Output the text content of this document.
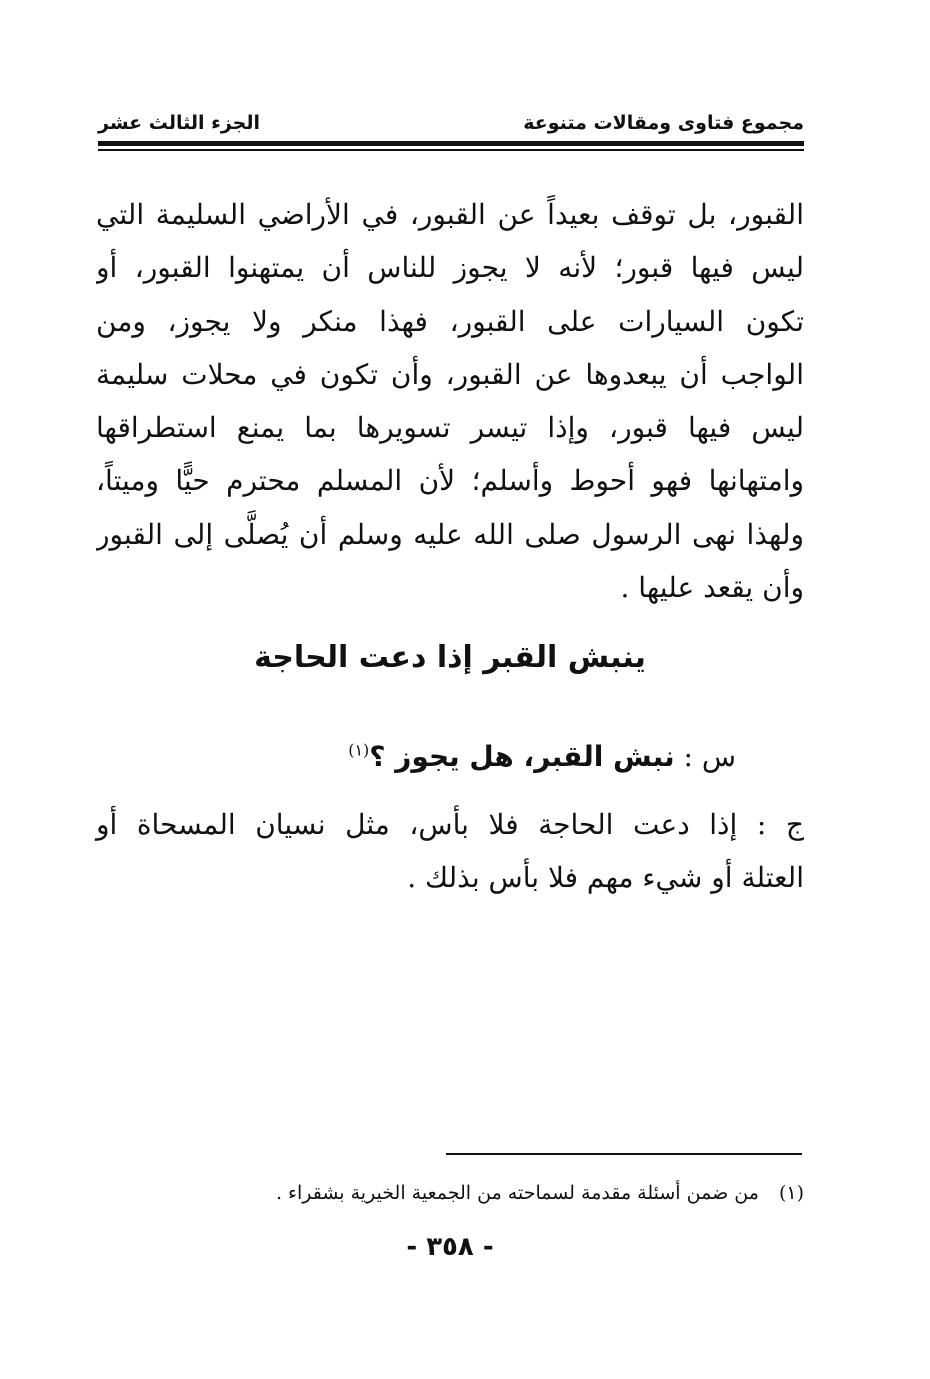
مجموع فتاوى ومقالات متنوعة
الجزء الثالث عشر
القبور، بل توقف بعيداً عن القبور، في الأراضي السليمة التي
ليس فيها قبور؛ لأنه لا يجوز للناس أن يمتهنوا القبور، أو
تكون السيارات على القبور، فهذا منكر ولا يجوز، ومن
الواجب أن يبعدوها عن القبور، وأن تكون في محلات سليمة
ليس فيها قبور، وإذا تيسر تسويرها بما يمنع استطراقها
وامتهانها فهو أحوط وأسلم؛ لأن المسلم محترم حيًّا وميتاً،
ولهذا نهى الرسول صلى الله عليه وسلم أن يُصلَّى إلى القبور
وأن يقعد عليها .
ينبش القبر إذا دعت الحاجة
س : نبش القبر، هل يجوز ؟$^{(١)}$
ج : إذا دعت الحاجة فلا بأس، مثل نسيان المسحاة أو
العتلة أو شيء مهم فلا بأس بذلك .
(١) من ضمن أسئلة مقدمة لسماحته من الجمعية الخيرية بشقراء .
- ٣٥٨ -
